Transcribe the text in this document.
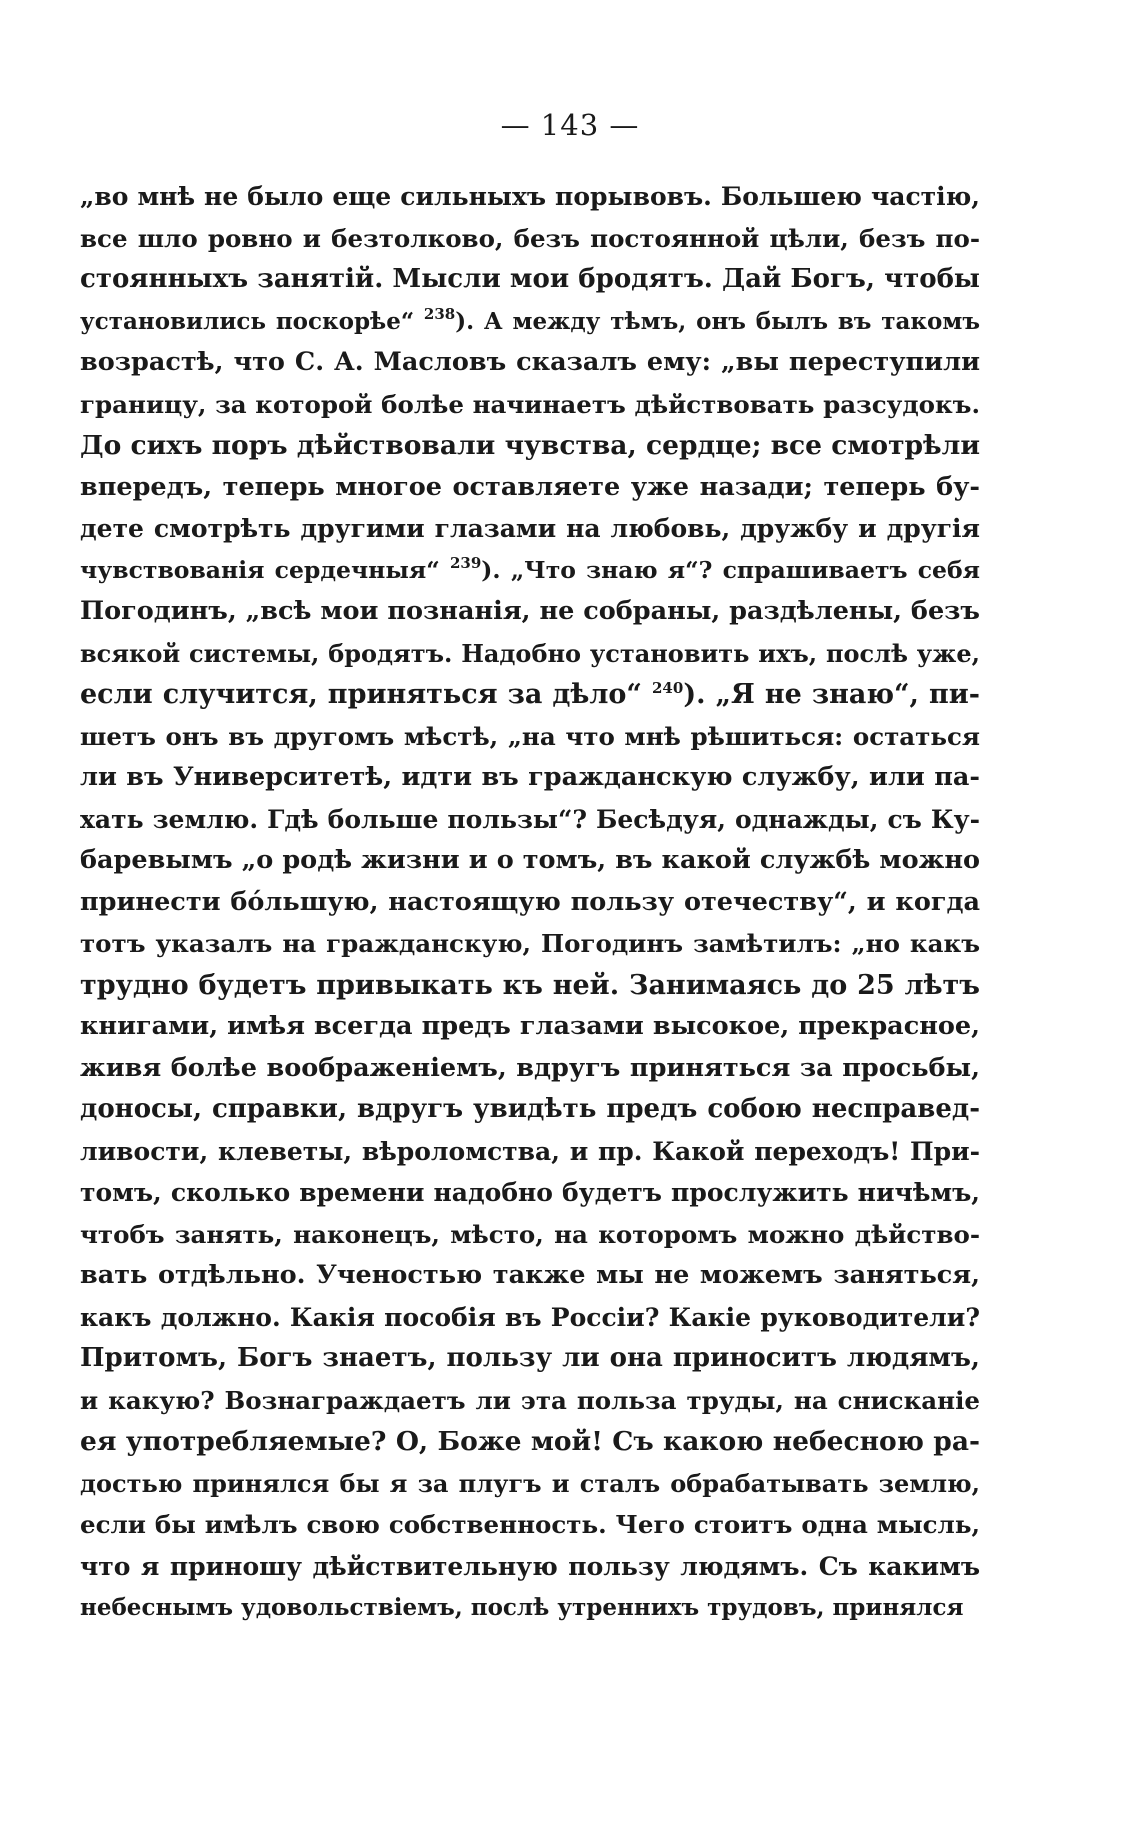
— 143 —
„во мнѣ не было еще сильныхъ порывовъ. Большею частію,
все шло ровно и безтолково, безъ постоянной цѣли, безъ по-
стоянныхъ занятій. Мысли мои бродятъ. Дай Богъ, чтобы
установились поскорѣе“ $^{238}$). А между тѣмъ, онъ былъ въ такомъ
возрастѣ, что С. А. Масловъ сказалъ ему: „вы переступили
границу, за которой болѣе начинаетъ дѣйствовать разсудокъ.
До сихъ поръ дѣйствовали чувства, сердце; все смотрѣли
впередъ, теперь многое оставляете уже назади; теперь бу-
дете смотрѣть другими глазами на любовь, дружбу и другія
чувствованія сердечныя“ $^{239}$). „Что знаю я“? спрашиваетъ себя
Погодинъ, „всѣ мои познанія, не собраны, раздѣлены, безъ
всякой системы, бродятъ. Надобно установить ихъ, послѣ уже,
если случится, приняться за дѣло“ $^{240}$). „Я не знаю“, пи-
шетъ онъ въ другомъ мѣстѣ, „на что мнѣ рѣшиться: остаться
ли въ Университетѣ, идти въ гражданскую службу, или па-
хать землю. Гдѣ больше пользы“? Бесѣдуя, однажды, съ Ку-
баревымъ „о родѣ жизни и о томъ, въ какой службѣ можно
принести бóльшую, настоящую пользу отечеству“, и когда
тотъ указалъ на гражданскую, Погодинъ замѣтилъ: „но какъ
трудно будетъ привыкать къ ней. Занимаясь до 25 лѣтъ
книгами, имѣя всегда предъ глазами высокое, прекрасное,
живя болѣе воображеніемъ, вдругъ приняться за просьбы,
доносы, справки, вдругъ увидѣть предъ собою несправед-
ливости, клеветы, вѣроломства, и пр. Какой переходъ! При-
томъ, сколько времени надобно будетъ прослужить ничѣмъ,
чтобъ занять, наконецъ, мѣсто, на которомъ можно дѣйство-
вать отдѣльно. Ученостью также мы не можемъ заняться,
какъ должно. Какія пособія въ Россіи? Какіе руководители?
Притомъ, Богъ знаетъ, пользу ли она приноситъ людямъ,
и какую? Вознаграждаетъ ли эта польза труды, на снисканіе
ея употребляемые? О, Боже мой! Съ какою небесною ра-
достью принялся бы я за плугъ и сталъ обрабатывать землю,
если бы имѣлъ свою собственность. Чего стоитъ одна мысль,
что я приношу дѣйствительную пользу людямъ. Съ какимъ
небеснымъ удовольствіемъ, послѣ утреннихъ трудовъ, принялся
